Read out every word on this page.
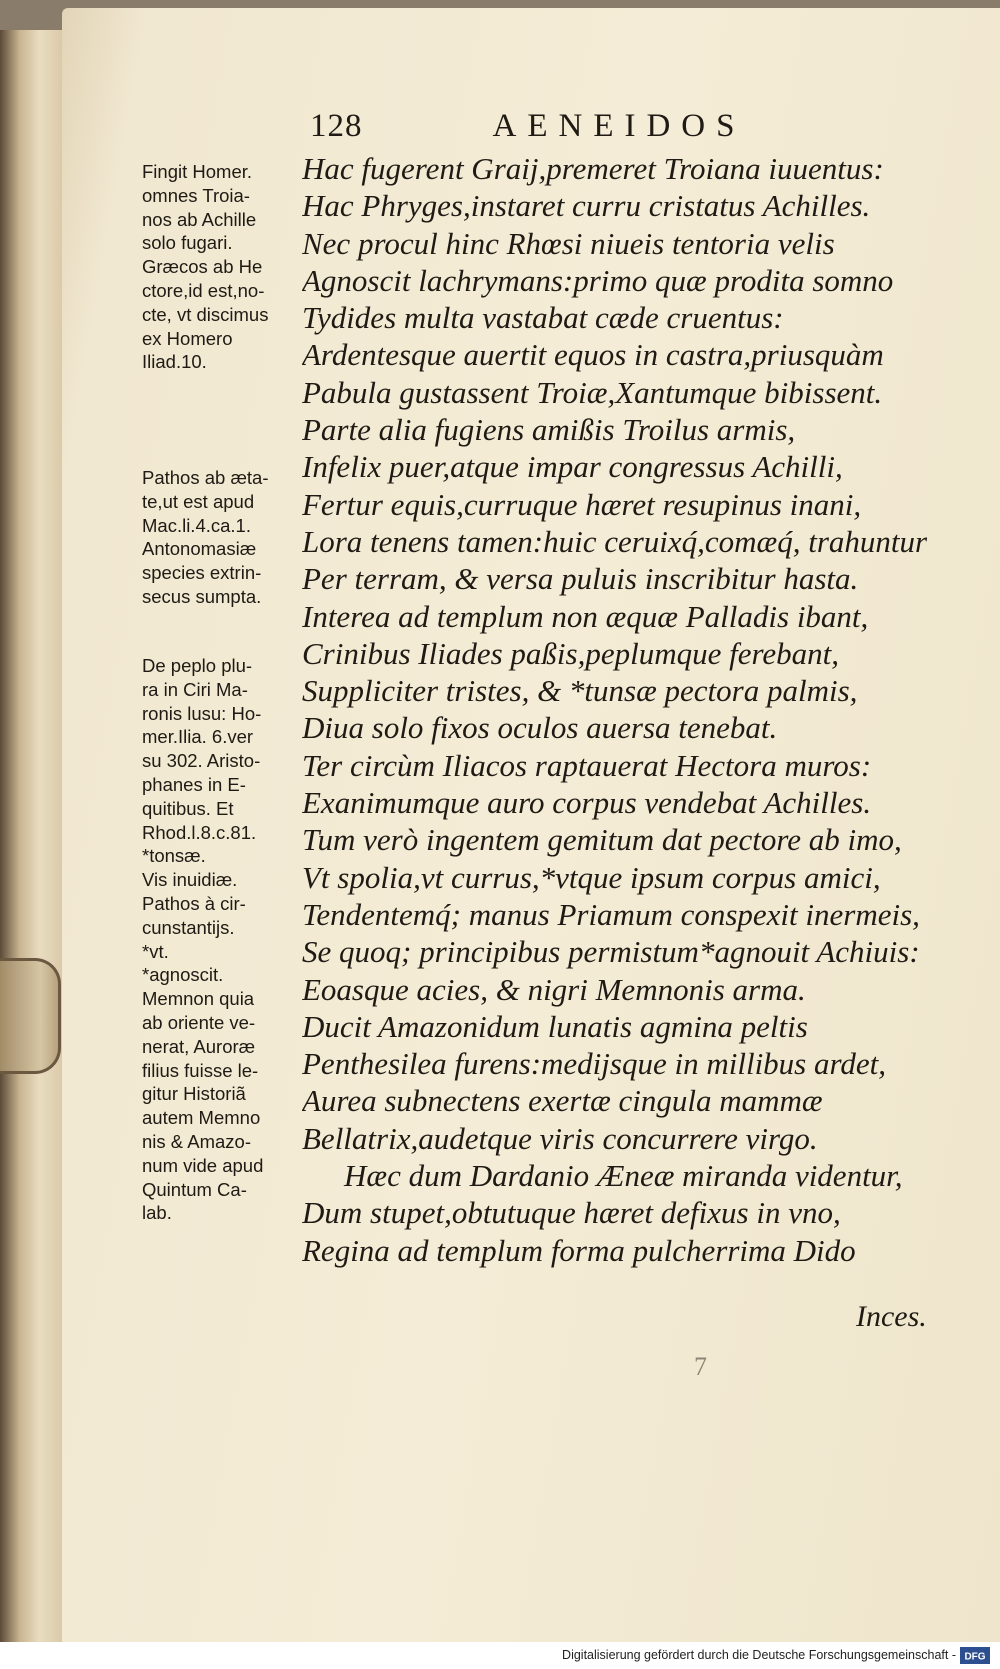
128	AENEIDOS
Fingit Homer.
omnes Troia-
nos ab Achille
solo fugari.
Græcos ab He
ctore,id est,no-
cte, vt discimus
ex Homero
Iliad.10.
Pathos ab ætа-
te,ut est apud
Mac.li.4.ca.1.
Antonomasiæ
species extrin-
secus sumpta.
De peplo plu-
ra in Ciri Ma-
ronis lusu: Ho-
mer.Ilia. 6.ver
su 302. Aristo-
phanes in E-
quitibus. Et
Rhod.l.8.c.81.
*tonsæ.
Vis inuidiæ.
Pathos à cir-
cunstantijs.
*vt.
*agnoscit.
Memnon quia
ab oriente ve-
nerat, Auroræ
filius fuisse le-
gitur Historiã
autem Memno
nis & Amazo-
num vide apud
Quintum Ca-
lab.
Hac fugerent Graij,premeret Troiana iuuentus:
Hac Phryges,instaret curru cristatus Achilles.
Nec procul hinc Rhœsi niueis tentoria velis
Agnoscit lachrymans:primo quæ prodita somno
Tydides multa vastabat cæde cruentus:
Ardentesque auertit equos in castra,priusquàm
Pabula gustassent Troiæ,Xantumque bibissent.
Parte alia fugiens amißis Troilus armis,
Infelix puer,atque impar congressus Achilli,
Fertur equis,curruque hæret resupinus inani,
Lora tenens tamen:huic ceruixq́,comæq́, trahuntur
Per terram, & versa puluis inscribitur hasta.
Interea ad templum non æquæ Palladis ibant,
Crinibus Iliades paßis,peplumque ferebant,
Suppliciter tristes, & *tunsæ pectora palmis,
Diua solo fixos oculos auersa tenebat.
Ter circùm Iliacos raptauerat Hectora muros:
Exanimumque auro corpus vendebat Achilles.
Tum verò ingentem gemitum dat pectore ab imo,
Vt spolia,vt currus,*vtque ipsum corpus amici,
Tendentemq́; manus Priamum conspexit inermeis,
Se quoq; principibus permistum*agnouit Achiuis:
Eoasque acies, & nigri Memnonis arma.
Ducit Amazonidum lunatis agmina peltis
Penthesilea furens:medijsque in millibus ardet,
Aurea subnectens exertæ cingula mammæ
Bellatrix,audetque viris concurrere virgo.
Hæc dum Dardanio Æneæ miranda videntur,
Dum stupet,obtutuque hæret defixus in vno,
Regina ad templum forma pulcherrima Dido
Inces.
7
Digitalisierung gefördert durch die Deutsche Forschungsgemeinschaft - DFG
